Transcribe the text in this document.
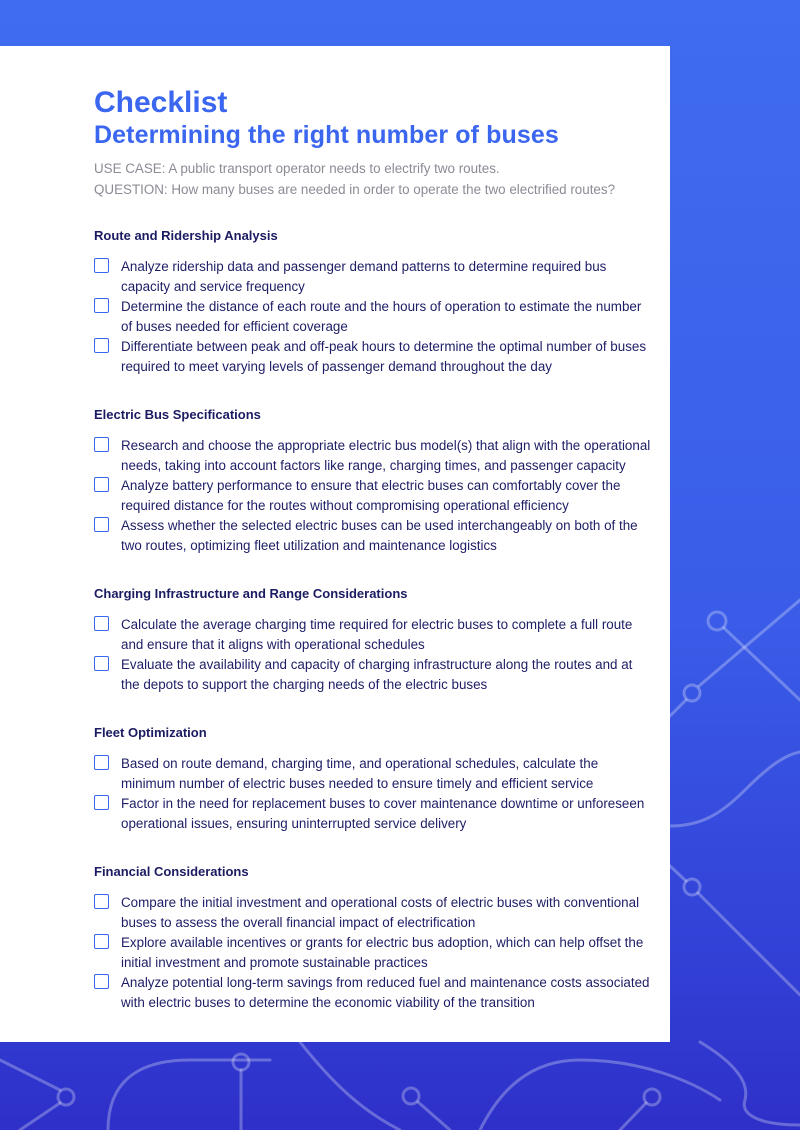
Checklist
Determining the right number of buses
USE CASE: A public transport operator needs to electrify two routes.
QUESTION: How many buses are needed in order to operate the two electrified routes?
Route and Ridership Analysis
Analyze ridership data and passenger demand patterns to determine required bus capacity and service frequency
Determine the distance of each route and the hours of operation to estimate the number of buses needed for efficient coverage
Differentiate between peak and off-peak hours to determine the optimal number of buses required to meet varying levels of passenger demand throughout the day
Electric Bus Specifications
Research and choose the appropriate electric bus model(s) that align with the operational needs, taking into account factors like range, charging times, and passenger capacity
Analyze battery performance to ensure that electric buses can comfortably cover the required distance for the routes without compromising operational efficiency
Assess whether the selected electric buses can be used interchangeably on both of the two routes, optimizing fleet utilization and maintenance logistics
Charging Infrastructure and Range Considerations
Calculate the average charging time required for electric buses to complete a full route and ensure that it aligns with operational schedules
Evaluate the availability and capacity of charging infrastructure along the routes and at the depots to support the charging needs of the electric buses
Fleet Optimization
Based on route demand, charging time, and operational schedules, calculate the minimum number of electric buses needed to ensure timely and efficient service
Factor in the need for replacement buses to cover maintenance downtime or unforeseen operational issues, ensuring uninterrupted service delivery
Financial Considerations
Compare the initial investment and operational costs of electric buses with conventional buses to assess the overall financial impact of electrification
Explore available incentives or grants for electric bus adoption, which can help offset the initial investment and promote sustainable practices
Analyze potential long-term savings from reduced fuel and maintenance costs associated with electric buses to determine the economic viability of the transition
